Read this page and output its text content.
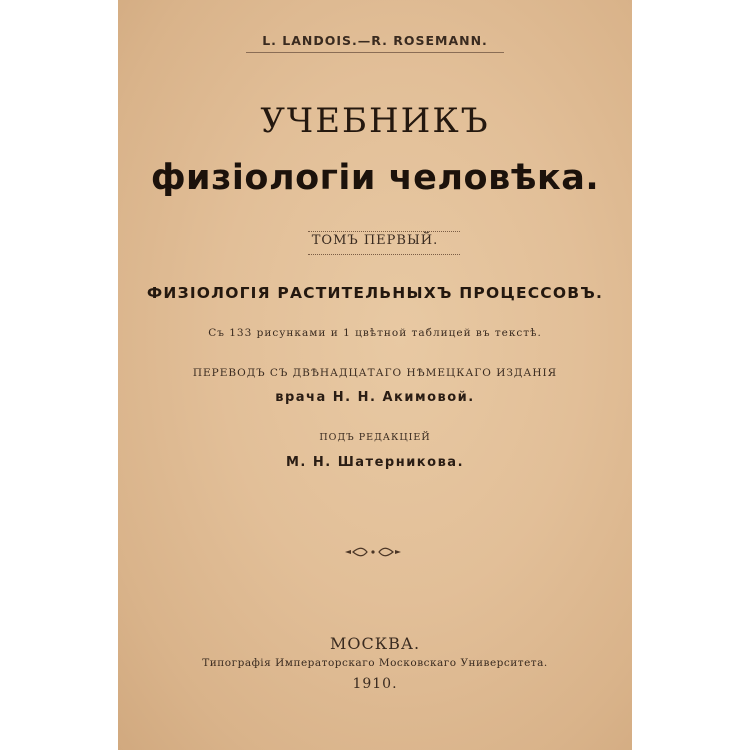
L. LANDOIS.—R. ROSEMANN.
УЧЕБНИКЪ
физiологiи человѣка.
ТОМЪ ПЕРВЫЙ.
ФИЗIОЛОГIЯ РАСТИТЕЛЬНЫХЪ ПРОЦЕССОВЪ.
Съ 133 рисунками и 1 цвѣтной таблицей въ текстѣ.
ПЕРЕВОДЪ СЪ ДВѢНАДЦАТАГО НѢМЕЦКАГО ИЗДАНIЯ
врача Н. Н. Акимовой.
ПОДЪ РЕДАКЦIЕЙ
М. Н. Шатерникова.
МОСКВА.
Типографiя Императорскаго Московскаго Университета.
1910.
